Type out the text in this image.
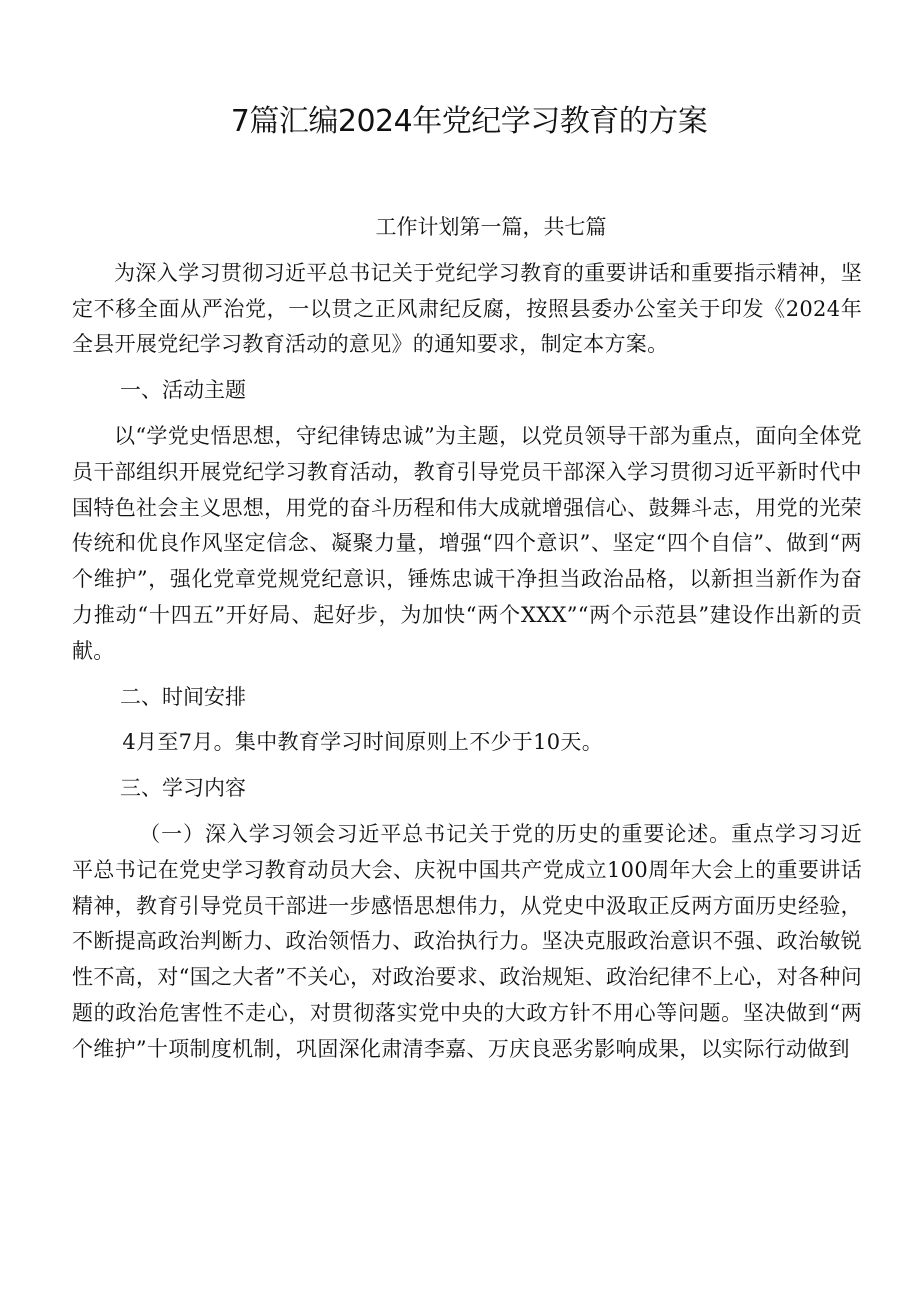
7篇汇编2024年党纪学习教育的方案

工作计划第一篇，共七篇

为深入学习贯彻习近平总书记关于党纪学习教育的重要讲话和重要指示精神，坚定不移全面从严治党，一以贯之正风肃纪反腐，按照县委办公室关于印发《2024年全县开展党纪学习教育活动的意见》的通知要求，制定本方案。

一、活动主题

以“学党史悟思想，守纪律铸忠诚”为主题，以党员领导干部为重点，面向全体党员干部组织开展党纪学习教育活动，教育引导党员干部深入学习贯彻习近平新时代中国特色社会主义思想，用党的奋斗历程和伟大成就增强信心、鼓舞斗志，用党的光荣传统和优良作风坚定信念、凝聚力量，增强“四个意识”、坚定“四个自信”、做到“两个维护”，强化党章党规党纪意识，锤炼忠诚干净担当政治品格，以新担当新作为奋力推动“十四五”开好局、起好步，为加快“两个XXX”“两个示范县”建设作出新的贡献。

二、时间安排

4月至7月。集中教育学习时间原则上不少于10天。

三、学习内容

（一）深入学习领会习近平总书记关于党的历史的重要论述。重点学习习近平总书记在党史学习教育动员大会、庆祝中国共产党成立100周年大会上的重要讲话精神，教育引导党员干部进一步感悟思想伟力，从党史中汲取正反两方面历史经验，不断提高政治判断力、政治领悟力、政治执行力。坚决克服政治意识不强、政治敏锐性不高，对“国之大者”不关心，对政治要求、政治规矩、政治纪律不上心，对各种问题的政治危害性不走心，对贯彻落实党中央的大政方针不用心等问题。坚决做到“两个维护”十项制度机制，巩固深化肃清李嘉、万庆良恶劣影响成果，以实际行动做到
